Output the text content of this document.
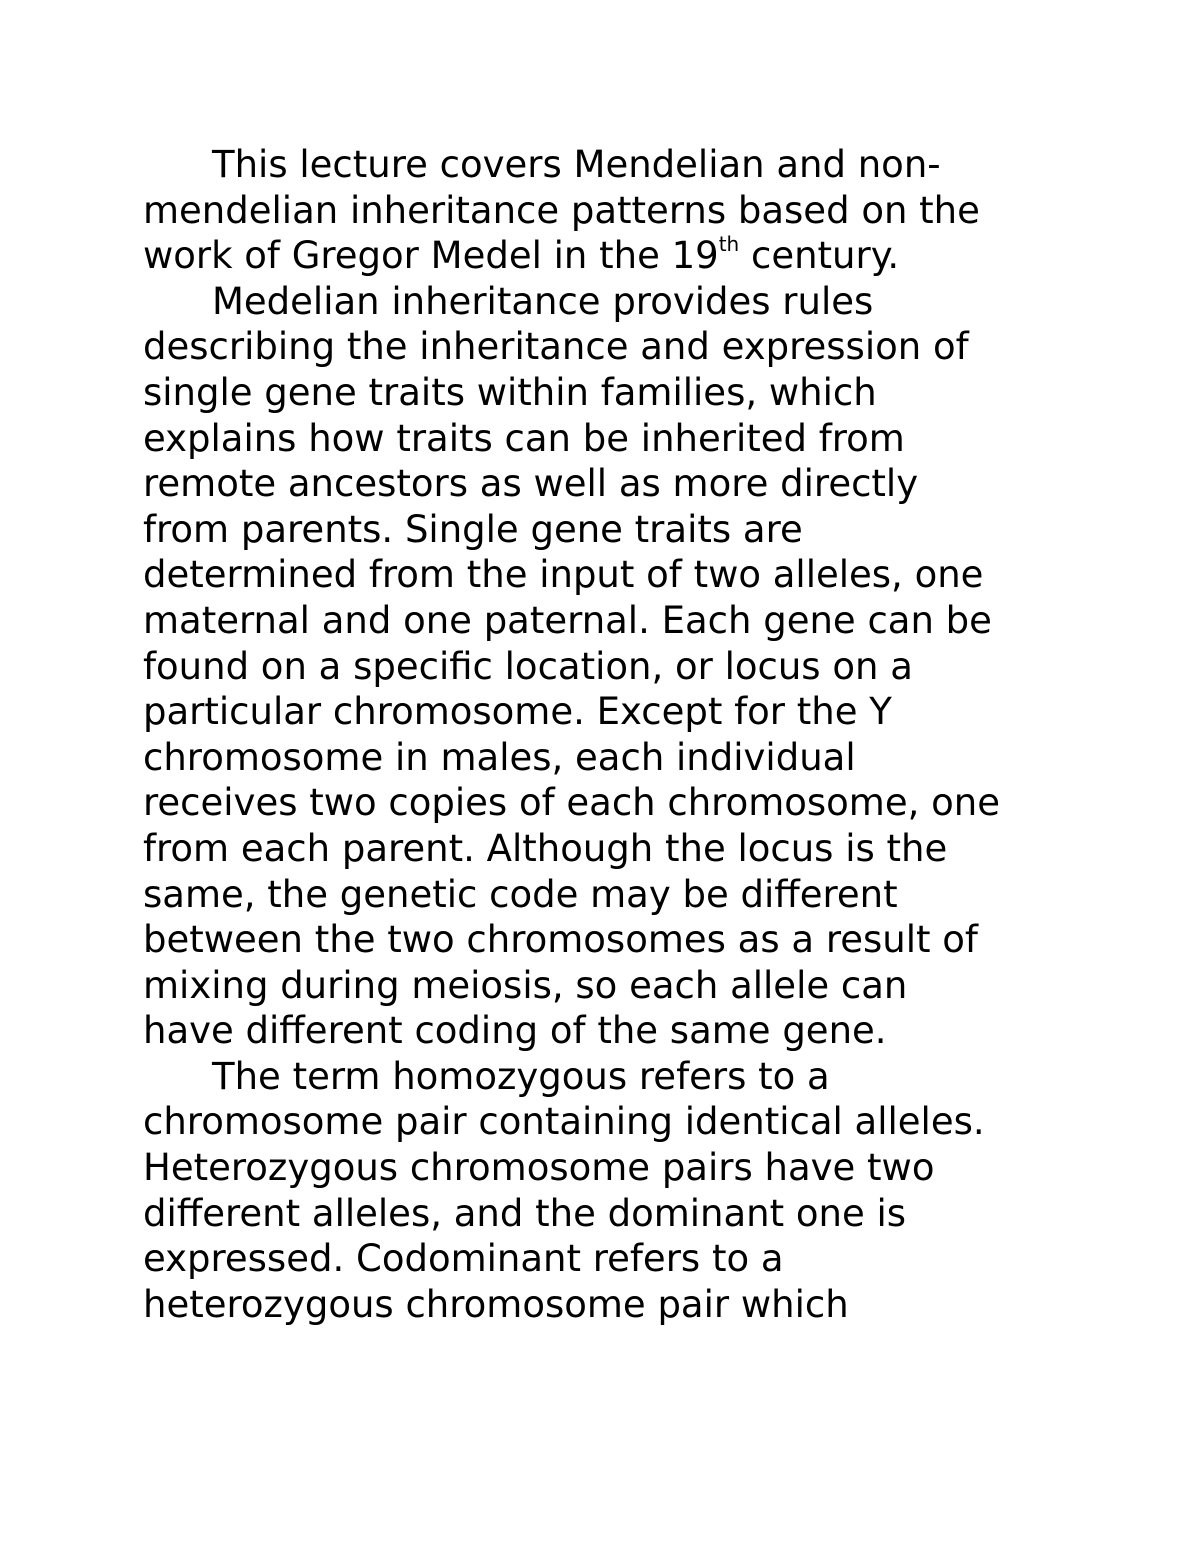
This lecture covers Mendelian and non-
mendelian inheritance patterns based on the
work of Gregor Medel in the 19th century.
Medelian inheritance provides rules
describing the inheritance and expression of
single gene traits within families, which
explains how traits can be inherited from
remote ancestors as well as more directly
from parents. Single gene traits are
determined from the input of two alleles, one
maternal and one paternal. Each gene can be
found on a specific location, or locus on a
particular chromosome. Except for the Y
chromosome in males, each individual
receives two copies of each chromosome, one
from each parent. Although the locus is the
same, the genetic code may be different
between the two chromosomes as a result of
mixing during meiosis, so each allele can
have different coding of the same gene.
The term homozygous refers to a
chromosome pair containing identical alleles.
Heterozygous chromosome pairs have two
different alleles, and the dominant one is
expressed. Codominant refers to a
heterozygous chromosome pair which
